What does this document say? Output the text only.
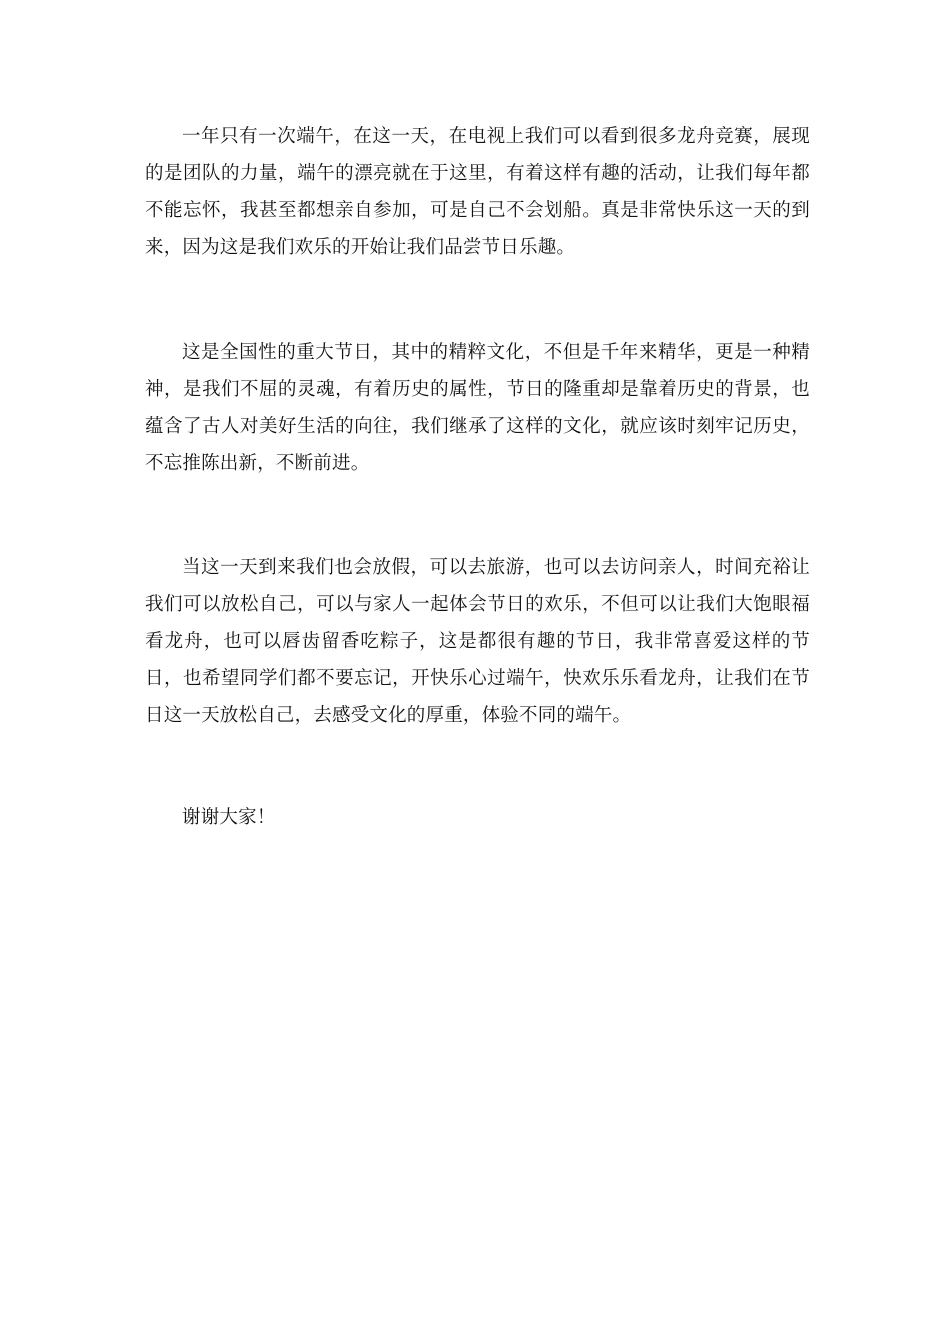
一年只有一次端午，在这一天，在电视上我们可以看到很多龙舟竞赛，展现的是团队的力量，端午的漂亮就在于这里，有着这样有趣的活动，让我们每年都不能忘怀，我甚至都想亲自参加，可是自己不会划船。真是非常快乐这一天的到来，因为这是我们欢乐的开始让我们品尝节日乐趣。

这是全国性的重大节日，其中的精粹文化，不但是千年来精华，更是一种精神，是我们不屈的灵魂，有着历史的属性，节日的隆重却是靠着历史的背景，也蕴含了古人对美好生活的向往，我们继承了这样的文化，就应该时刻牢记历史，不忘推陈出新，不断前进。

当这一天到来我们也会放假，可以去旅游，也可以去访问亲人，时间充裕让我们可以放松自己，可以与家人一起体会节日的欢乐，不但可以让我们大饱眼福看龙舟，也可以唇齿留香吃粽子，这是都很有趣的节日，我非常喜爱这样的节日，也希望同学们都不要忘记，开快乐心过端午，快欢乐乐看龙舟，让我们在节日这一天放松自己，去感受文化的厚重，体验不同的端午。

谢谢大家！
